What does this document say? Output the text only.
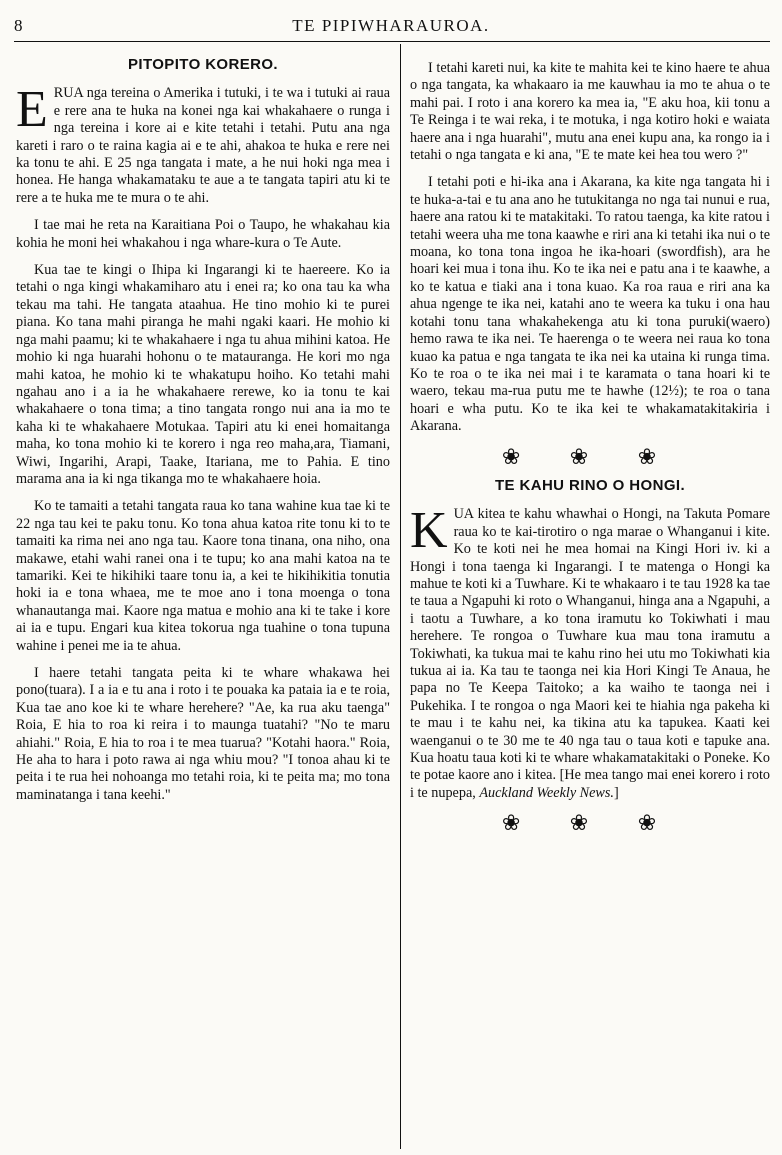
8	TE PIPIWHARAUROA.
PITOPITO KORERO.

ERUA nga tereina o Amerika i tutuki, i te wa i tutuki ai raua e rere ana te huka na konei nga kai whakahaere o runga i nga tereina i kore ai e kite tetahi i tetahi. Putu ana nga kareti i raro o te raina kagia ai e te ahi, ahakoa te huka e rere nei ka tonu te ahi. E 25 nga tangata i mate, a he nui hoki nga mea i honea. He hanga whakamataku te aue a te tangata tapiri atu ki te rere a te huka me te mura o te ahi.

I tae mai he reta na Karaitiana Poi o Taupo, he whakahau kia kohia he moni hei whakahou i nga whare-kura o Te Aute.

Kua tae te kingi o Ihipa ki Ingarangi ki te haereere. Ko ia tetahi o nga kingi whakamiharo atu i enei ra; ko ona tau ka wha tekau ma tahi. He tangata ataahua. He tino mohio ki te purei piana. Ko tana mahi piranga he mahi ngaki kaari. He mohio ki nga mahi paamu; ki te whakahaere i nga tu ahua mihini katoa. He mohio ki nga huarahi hohonu o te matauranga. He kori mo nga mahi katoa, he mohio ki te whakatupu hoiho. Ko tetahi mahi ngahau ano i a ia he whakahaere rerewe, ko ia tonu te kai whakahaere o tona tima; a tino tangata rongo nui ana ia mo te kaha ki te whakahaere Motukaa. Tapiri atu ki enei homaitanga maha, ko tona mohio ki te korero i nga reo maha,ara, Tiamani, Wiwi, Ingarihi, Arapi, Taake, Itariana, me to Pahia. E tino marama ana ia ki nga tikanga mo te whakahaere hoia.

Ko te tamaiti a tetahi tangata raua ko tana wahine kua tae ki te 22 nga tau kei te paku tonu. Ko tona ahua katoa rite tonu ki to te tamaiti ka rima nei ano nga tau. Kaore tona tinana, ona niho, ona makawe, etahi wahi ranei ona i te tupu; ko ana mahi katoa na te tamariki. Kei te hikihiki taare tonu ia, a kei te hikihikitia tonutia hoki ia e tona whaea, me te moe ano i tona moenga o tona whanautanga mai. Kaore nga matua e mohio ana ki te take i kore ai ia e tupu. Engari kua kitea tokorua nga tuahine o tona tupuna wahine i penei me ia te ahua.

I haere tetahi tangata peita ki te whare whakawa hei pono(tuara). I a ia e tu ana i roto i te pouaka ka pataia ia e te roia, Kua tae ano koe ki te whare herehere? "Ae, ka rua aku taenga" Roia, E hia to roa ki reira i to maunga tuatahi? "No te maru ahiahi." Roia, E hia to roa i te mea tuarua? "Kotahi haora." Roia, He aha to hara i poto rawa ai nga whiu mou? "I tonoa ahau ki te peita i te rua hei nohoanga mo tetahi roia, ki te peita ma; mo tona maminatanga i tana keehi."

I tetahi kareti nui, ka kite te mahita kei te kino haere te ahua o nga tangata, ka whakaaro ia me kauwhau ia mo te ahua o te mahi pai. I roto i ana korero ka mea ia, "E aku hoa, kii tonu a Te Reinga i te wai reka, i te motuka, i nga kotiro hoki e waiata haere ana i nga huarahi", mutu ana enei kupu ana, ka rongo ia i tetahi o nga tangata e ki ana, "E te mate kei hea tou wero ?"

I tetahi poti e hi-ika ana i Akarana, ka kite nga tangata hi i te huka-a-tai e tu ana ano he tutukitanga no nga tai nunui e rua, haere ana ratou ki te matakitaki. To ratou taenga, ka kite ratou i tetahi weera uha me tona kaawhe e riri ana ki tetahi ika nui o te moana, ko tona tona ingoa he ika-hoari (swordfish), ara he hoari kei mua i tona ihu. Ko te ika nei e patu ana i te kaawhe, a ko te katua e tiaki ana i tona kuao. Ka roa raua e riri ana ka ahua ngenge te ika nei, katahi ano te weera ka tuku i ona hau kotahi tonu tana whakahekenga atu ki tona puruki(waero) hemo rawa te ika nei. Te haerenga o te weera nei raua ko tona kuao ka patua e nga tangata te ika nei ka utaina ki runga tima. Ko te roa o te ika nei mai i te karamata o tana hoari ki te waero, tekau ma-rua putu me te hawhe (12½); te roa o tana hoari e wha putu. Ko te ika kei te whakamatakitakiria i Akarana.

❀ ❀ ❀
TE KAHU RINO O HONGI.

KUA kitea te kahu whawhai o Hongi, na Takuta Pomare raua ko te kai-tirotiro o nga marae o Whanganui i kite. Ko te koti nei he mea homai na Kingi Hori iv. ki a Hongi i tona taenga ki Ingarangi. I te matenga o Hongi ka mahue te koti ki a Tuwhare. Ki te whakaaro i te tau 1928 ka tae te taua a Ngapuhi ki roto o Whanganui, hinga ana a Ngapuhi, a i taotu a Tuwhare, a ko tona iramutu ko Tokiwhati i mau herehere. Te rongoa o Tuwhare kua mau tona iramutu a Tokiwhati, ka tukua mai te kahu rino hei utu mo Tokiwhati kia tukua ai ia. Ka tau te taonga nei kia Hori Kingi Te Anaua, he papa no Te Keepa Taitoko; a ka waiho te taonga nei i Pukehika. I te rongoa o nga Maori kei te hiahia nga pakeha ki te mau i te kahu nei, ka tikina atu ka tapukea. Kaati kei waenganui o te 30 me te 40 nga tau o taua koti e tapuke ana. Kua hoatu taua koti ki te whare whakamatakitaki o Poneke. Ko te potae kaore ano i kitea. [He mea tango mai enei korero i roto i te nupepa, Auckland Weekly News.]

❀ ❀ ❀
